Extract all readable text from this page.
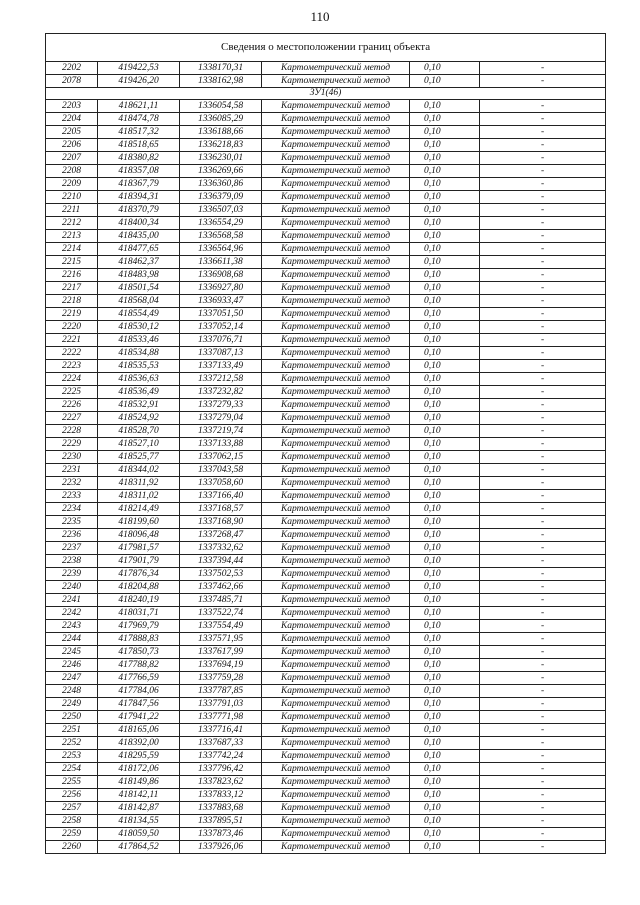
110
Сведения о местоположении границ объекта					
2202	419422,53	1338170,31	Картометрический метод	0,10	-
2078	419426,20	1338162,98	Картометрический метод	0,10	-
ЗУ1(46)					
2203	418621,11	1336054,58	Картометрический метод	0,10	-
2204	418474,78	1336085,29	Картометрический метод	0,10	-
2205	418517,32	1336188,66	Картометрический метод	0,10	-
2206	418518,65	1336218,83	Картометрический метод	0,10	-
2207	418380,82	1336230,01	Картометрический метод	0,10	-
2208	418357,08	1336269,66	Картометрический метод	0,10	-
2209	418367,79	1336360,86	Картометрический метод	0,10	-
2210	418394,31	1336379,09	Картометрический метод	0,10	-
2211	418370,79	1336507,03	Картометрический метод	0,10	-
2212	418400,34	1336554,29	Картометрический метод	0,10	-
2213	418435,00	1336568,58	Картометрический метод	0,10	-
2214	418477,65	1336564,96	Картометрический метод	0,10	-
2215	418462,37	1336611,38	Картометрический метод	0,10	-
2216	418483,98	1336908,68	Картометрический метод	0,10	-
2217	418501,54	1336927,80	Картометрический метод	0,10	-
2218	418568,04	1336933,47	Картометрический метод	0,10	-
2219	418554,49	1337051,50	Картометрический метод	0,10	-
2220	418530,12	1337052,14	Картометрический метод	0,10	-
2221	418533,46	1337076,71	Картометрический метод	0,10	-
2222	418534,88	1337087,13	Картометрический метод	0,10	-
2223	418535,53	1337133,49	Картометрический метод	0,10	-
2224	418536,63	1337212,58	Картометрический метод	0,10	-
2225	418536,49	1337232,82	Картометрический метод	0,10	-
2226	418532,91	1337279,33	Картометрический метод	0,10	-
2227	418524,92	1337279,04	Картометрический метод	0,10	-
2228	418528,70	1337219,74	Картометрический метод	0,10	-
2229	418527,10	1337133,88	Картометрический метод	0,10	-
2230	418525,77	1337062,15	Картометрический метод	0,10	-
2231	418344,02	1337043,58	Картометрический метод	0,10	-
2232	418311,92	1337058,60	Картометрический метод	0,10	-
2233	418311,02	1337166,40	Картометрический метод	0,10	-
2234	418214,49	1337168,57	Картометрический метод	0,10	-
2235	418199,60	1337168,90	Картометрический метод	0,10	-
2236	418096,48	1337268,47	Картометрический метод	0,10	-
2237	417981,57	1337332,62	Картометрический метод	0,10	-
2238	417901,79	1337394,44	Картометрический метод	0,10	-
2239	417876,34	1337502,53	Картометрический метод	0,10	-
2240	418204,88	1337462,66	Картометрический метод	0,10	-
2241	418240,19	1337485,71	Картометрический метод	0,10	-
2242	418031,71	1337522,74	Картометрический метод	0,10	-
2243	417969,79	1337554,49	Картометрический метод	0,10	-
2244	417888,83	1337571,95	Картометрический метод	0,10	-
2245	417850,73	1337617,99	Картометрический метод	0,10	-
2246	417788,82	1337694,19	Картометрический метод	0,10	-
2247	417766,59	1337759,28	Картометрический метод	0,10	-
2248	417784,06	1337787,85	Картометрический метод	0,10	-
2249	417847,56	1337791,03	Картометрический метод	0,10	-
2250	417941,22	1337771,98	Картометрический метод	0,10	-
2251	418165,06	1337716,41	Картометрический метод	0,10	-
2252	418392,00	1337687,33	Картометрический метод	0,10	-
2253	418295,59	1337742,24	Картометрический метод	0,10	-
2254	418172,06	1337796,42	Картометрический метод	0,10	-
2255	418149,86	1337823,62	Картометрический метод	0,10	-
2256	418142,11	1337833,12	Картометрический метод	0,10	-
2257	418142,87	1337883,68	Картометрический метод	0,10	-
2258	418134,55	1337895,51	Картометрический метод	0,10	-
2259	418059,50	1337873,46	Картометрический метод	0,10	-
2260	417864,52	1337926,06	Картометрический метод	0,10	-
